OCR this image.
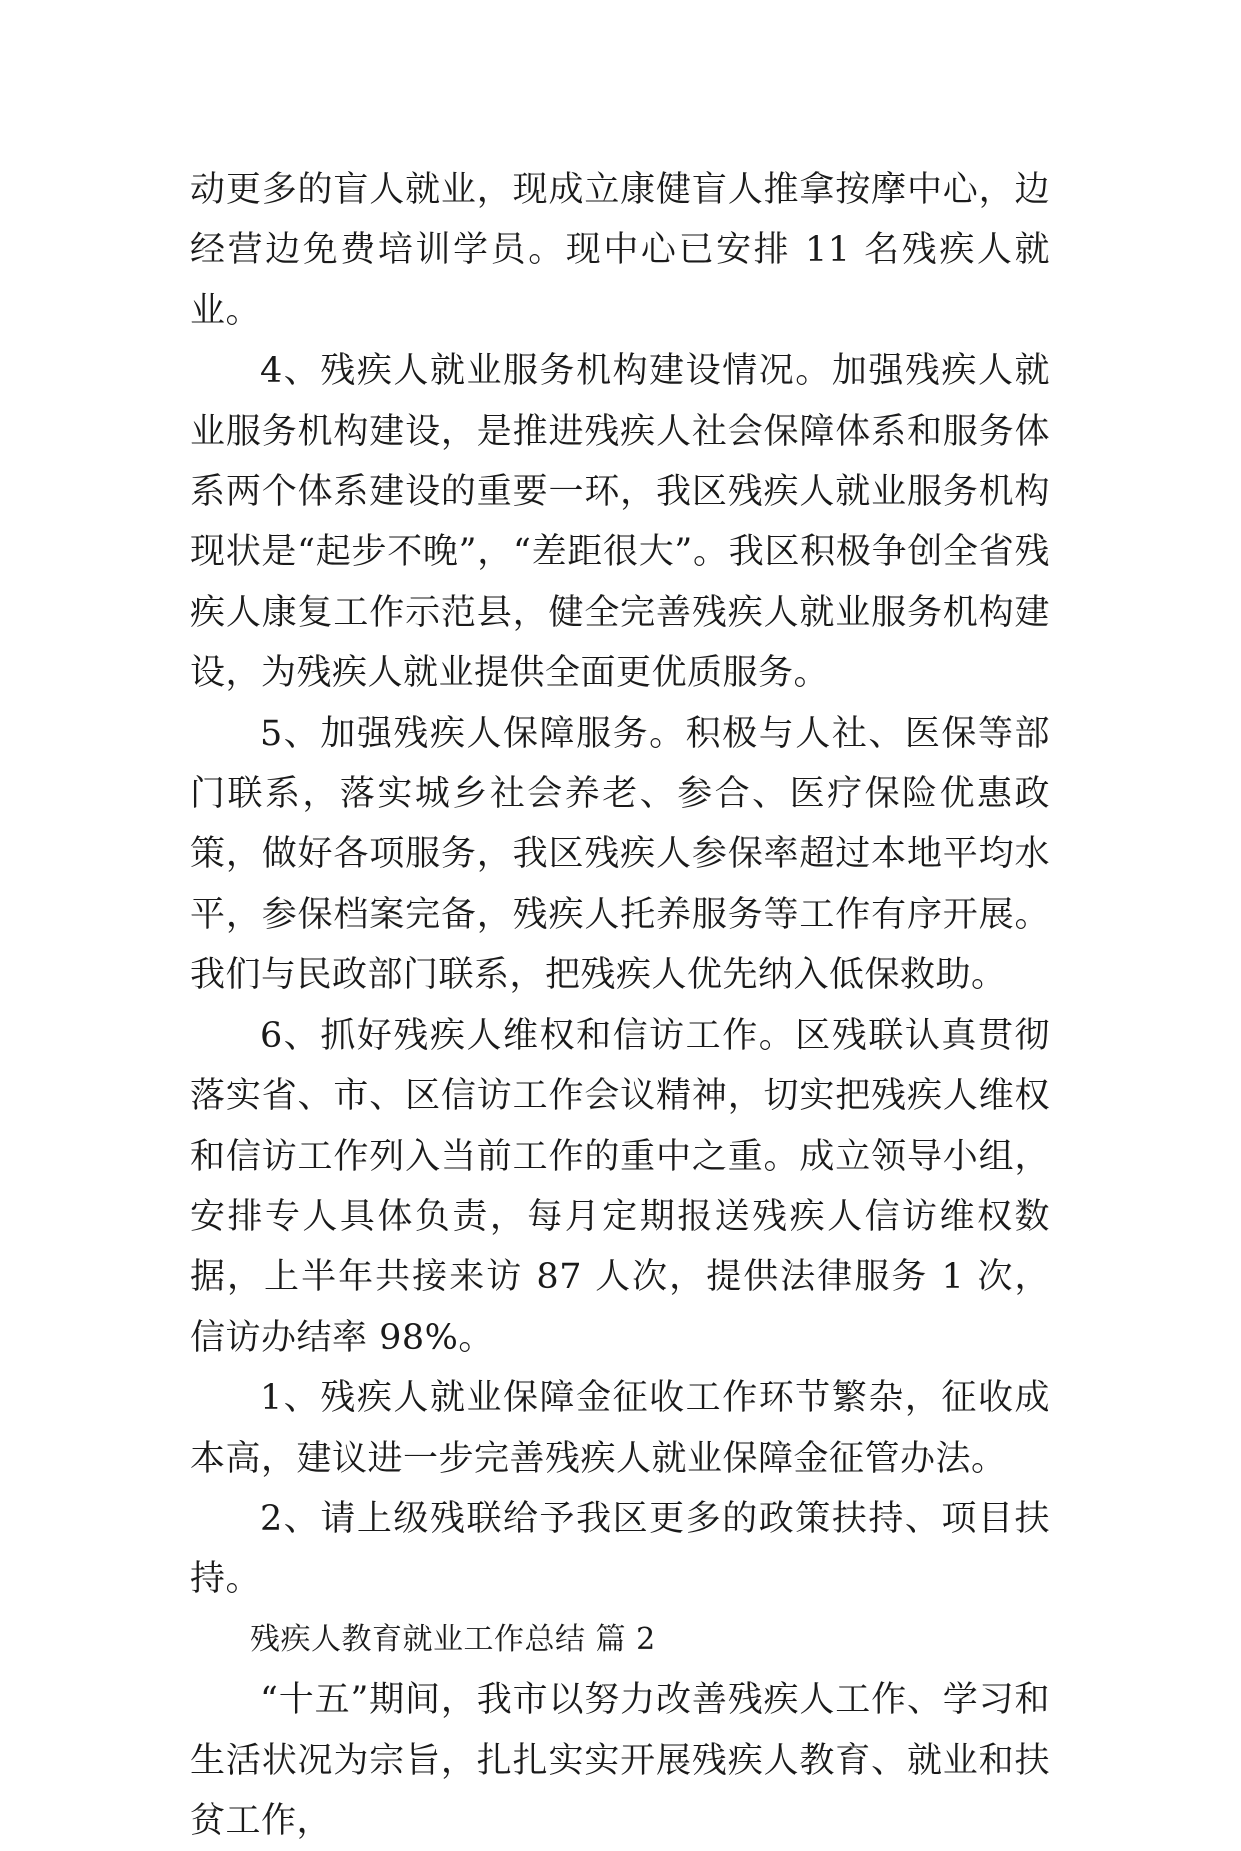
动更多的盲人就业，现成立康健盲人推拿按摩中心，边经营边免费培训学员。现中心已安排 11 名残疾人就业。

4、残疾人就业服务机构建设情况。加强残疾人就业服务机构建设，是推进残疾人社会保障体系和服务体系两个体系建设的重要一环，我区残疾人就业服务机构现状是“起步不晚”，“差距很大”。我区积极争创全省残疾人康复工作示范县，健全完善残疾人就业服务机构建设，为残疾人就业提供全面更优质服务。

5、加强残疾人保障服务。积极与人社、医保等部门联系，落实城乡社会养老、参合、医疗保险优惠政策，做好各项服务，我区残疾人参保率超过本地平均水平，参保档案完备，残疾人托养服务等工作有序开展。我们与民政部门联系，把残疾人优先纳入低保救助。

6、抓好残疾人维权和信访工作。区残联认真贯彻落实省、市、区信访工作会议精神，切实把残疾人维权和信访工作列入当前工作的重中之重。成立领导小组，安排专人具体负责，每月定期报送残疾人信访维权数据，上半年共接来访 87 人次，提供法律服务 1 次，信访办结率 98%。

1、残疾人就业保障金征收工作环节繁杂，征收成本高，建议进一步完善残疾人就业保障金征管办法。

2、请上级残联给予我区更多的政策扶持、项目扶持。

残疾人教育就业工作总结 篇 2

“十五”期间，我市以努力改善残疾人工作、学习和生活状况为宗旨，扎扎实实开展残疾人教育、就业和扶贫工作，
